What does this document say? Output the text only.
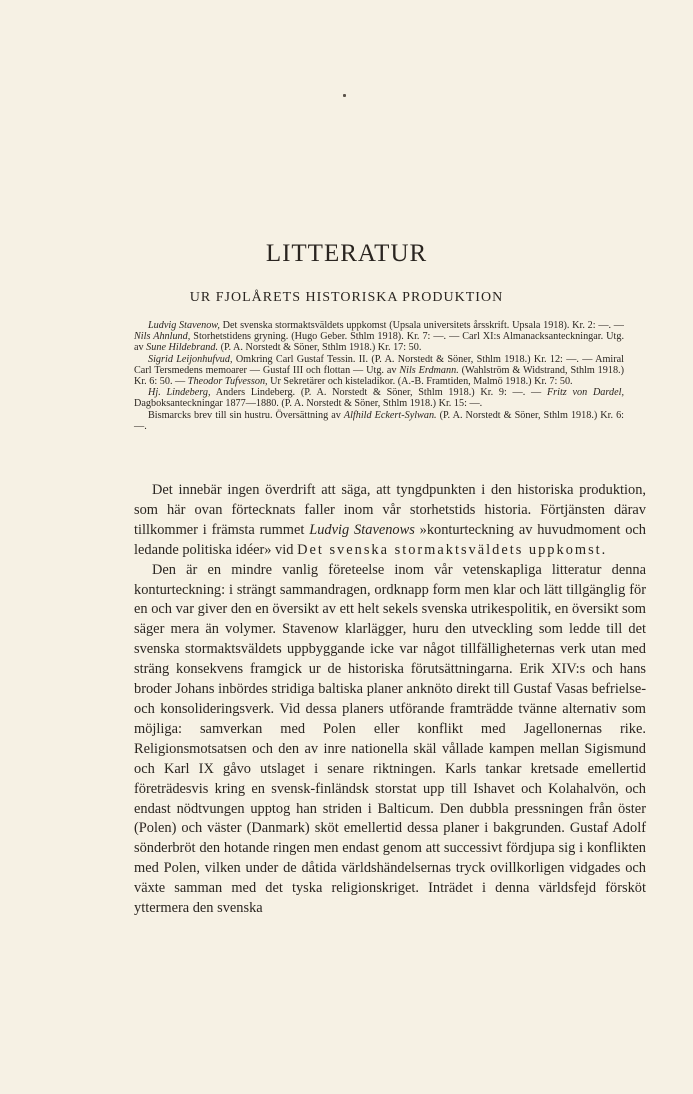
LITTERATUR
UR FJOLÅRETS HISTORISKA PRODUKTION

Ludvig Stavenow, Det svenska stormaktsväldets uppkomst (Upsala universitets årsskrift. Upsala 1918). Kr. 2: —. — Nils Ahnlund, Storhetstidens gryning. (Hugo Geber. Sthlm 1918). Kr. 7: —. — Carl XI:s Almanacksanteckningar. Utg. av Sune Hildebrand. (P. A. Norstedt & Söner, Sthlm 1918.) Kr. 17: 50.

Sigrid Leijonhufvud, Omkring Carl Gustaf Tessin. II. (P. A. Norstedt & Söner, Sthlm 1918.) Kr. 12: —. — Amiral Carl Tersmedens memoarer — Gustaf III och flottan — Utg. av Nils Erdmann. (Wahlström & Widstrand, Sthlm 1918.) Kr. 6: 50. — Theodor Tufvesson, Ur Sekretärer och kisteladikor. (A.-B. Framtiden, Malmö 1918.) Kr. 7: 50.

Hj. Lindeberg, Anders Lindeberg. (P. A. Norstedt & Söner, Sthlm 1918.) Kr. 9: —. — Fritz von Dardel, Dagboksanteckningar 1877—1880. (P. A. Norstedt & Söner, Sthlm 1918.) Kr. 15: —.

Bismarcks brev till sin hustru. Översättning av Alfhild Eckert-Sylwan. (P. A. Norstedt & Söner, Sthlm 1918.) Kr. 6: —.

Det innebär ingen överdrift att säga, att tyngdpunkten i den historiska produktion, som här ovan förtecknats faller inom vår storhetstids historia. Förtjänsten därav tillkommer i främsta rummet Ludvig Stavenows »konturteckning av huvudmoment och ledande politiska idéer» vid Det svenska stormaktsväldets uppkomst.

Den är en mindre vanlig företeelse inom vår vetenskapliga litteratur denna konturteckning: i strängt sammandragen, ordknapp form men klar och lätt tillgänglig för en och var giver den en översikt av ett helt sekels svenska utrikespolitik, en översikt som säger mera än volymer. Stavenow klarlägger, huru den utveckling som ledde till det svenska stormaktsväldets uppbyggande icke var något tillfälligheternas verk utan med sträng konsekvens framgick ur de historiska förutsättningarna. Erik XIV:s och hans broder Johans inbördes stridiga baltiska planer anknöto direkt till Gustaf Vasas befrielse- och konsolideringsverk. Vid dessa planers utförande framträdde tvänne alternativ som möjliga: samverkan med Polen eller konflikt med Jagellonernas rike. Religionsmotsatsen och den av inre nationella skäl vållade kampen mellan Sigismund och Karl IX gåvo utslaget i senare riktningen. Karls tankar kretsade emellertid företrädesvis kring en svensk-finländsk storstat upp till Ishavet och Kolahalvön, och endast nödtvungen upptog han striden i Balticum. Den dubbla pressningen från öster (Polen) och väster (Danmark) sköt emellertid dessa planer i bakgrunden. Gustaf Adolf sönderbröt den hotande ringen men endast genom att successivt fördjupa sig i konflikten med Polen, vilken under de dåtida världshändelsernas tryck ovillkorligen vidgades och växte samman med det tyska religionskriget. Inträdet i denna världsfejd försköt yttermera den svenska
